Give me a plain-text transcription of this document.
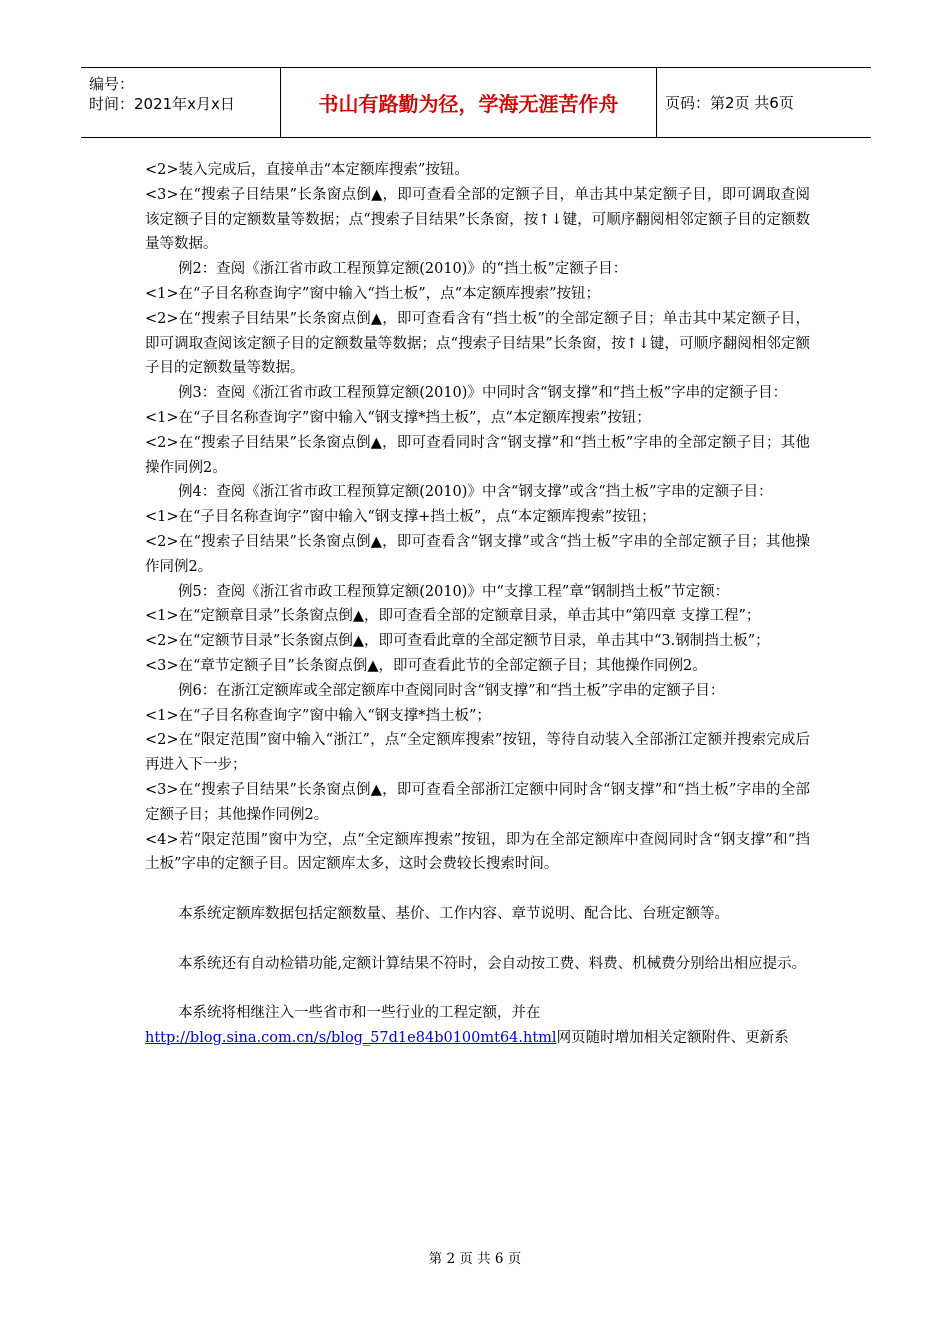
编号：
时间：2021年x月x日	书山有路勤为径，学海无涯苦作舟	页码：第2页 共6页

<2>装入完成后，直接单击“本定额库搜索”按钮。

<3>在“搜索子目结果”长条窗点倒▲，即可查看全部的定额子目，单击其中某定额子目，即可调取查阅该定额子目的定额数量等数据；点“搜索子目结果”长条窗，按↑↓键，可顺序翻阅相邻定额子目的定额数量等数据。

例2：查阅《浙江省市政工程预算定额(2010)》的“挡土板”定额子目：

<1>在“子目名称查询字”窗中输入“挡土板”，点“本定额库搜索”按钮；

<2>在“搜索子目结果”长条窗点倒▲，即可查看含有“挡土板”的全部定额子目；单击其中某定额子目，即可调取查阅该定额子目的定额数量等数据；点“搜索子目结果”长条窗，按↑↓键，可顺序翻阅相邻定额子目的定额数量等数据。

例3：查阅《浙江省市政工程预算定额(2010)》中同时含“钢支撑”和“挡土板”字串的定额子目：

<1>在“子目名称查询字”窗中输入“钢支撑*挡土板”，点“本定额库搜索”按钮；

<2>在“搜索子目结果”长条窗点倒▲，即可查看同时含“钢支撑”和“挡土板”字串的全部定额子目；其他操作同例2。

例4：查阅《浙江省市政工程预算定额(2010)》中含“钢支撑”或含“挡土板”字串的定额子目：

<1>在“子目名称查询字”窗中输入“钢支撑+挡土板”，点“本定额库搜索”按钮；

<2>在“搜索子目结果”长条窗点倒▲，即可查看含“钢支撑”或含“挡土板”字串的全部定额子目；其他操作同例2。

例5：查阅《浙江省市政工程预算定额(2010)》中“支撑工程”章“钢制挡土板”节定额：

<1>在“定额章目录”长条窗点倒▲，即可查看全部的定额章目录，单击其中“第四章 支撑工程”；

<2>在“定额节目录”长条窗点倒▲，即可查看此章的全部定额节目录，单击其中“3.钢制挡土板”；

<3>在“章节定额子目”长条窗点倒▲，即可查看此节的全部定额子目；其他操作同例2。

例6：在浙江定额库或全部定额库中查阅同时含“钢支撑”和“挡土板”字串的定额子目：

<1>在“子目名称查询字”窗中输入“钢支撑*挡土板”；

<2>在“限定范围”窗中输入“浙江”，点“全定额库搜索”按钮，等待自动装入全部浙江定额并搜索完成后再进入下一步；

<3>在“搜索子目结果”长条窗点倒▲，即可查看全部浙江定额中同时含“钢支撑”和“挡土板”字串的全部定额子目；其他操作同例2。

<4>若“限定范围”窗中为空，点“全定额库搜索”按钮，即为在全部定额库中查阅同时含“钢支撑”和“挡土板”字串的定额子目。因定额库太多，这时会费较长搜索时间。

本系统定额库数据包括定额数量、基价、工作内容、章节说明、配合比、台班定额等。

本系统还有自动检错功能,定额计算结果不符时，会自动按工费、料费、机械费分别给出相应提示。

本系统将相继注入一些省市和一些行业的工程定额，并在

http://blog.sina.com.cn/s/blog_57d1e84b0100mt64.html网页随时增加相关定额附件、更新系

第 2 页 共 6 页
